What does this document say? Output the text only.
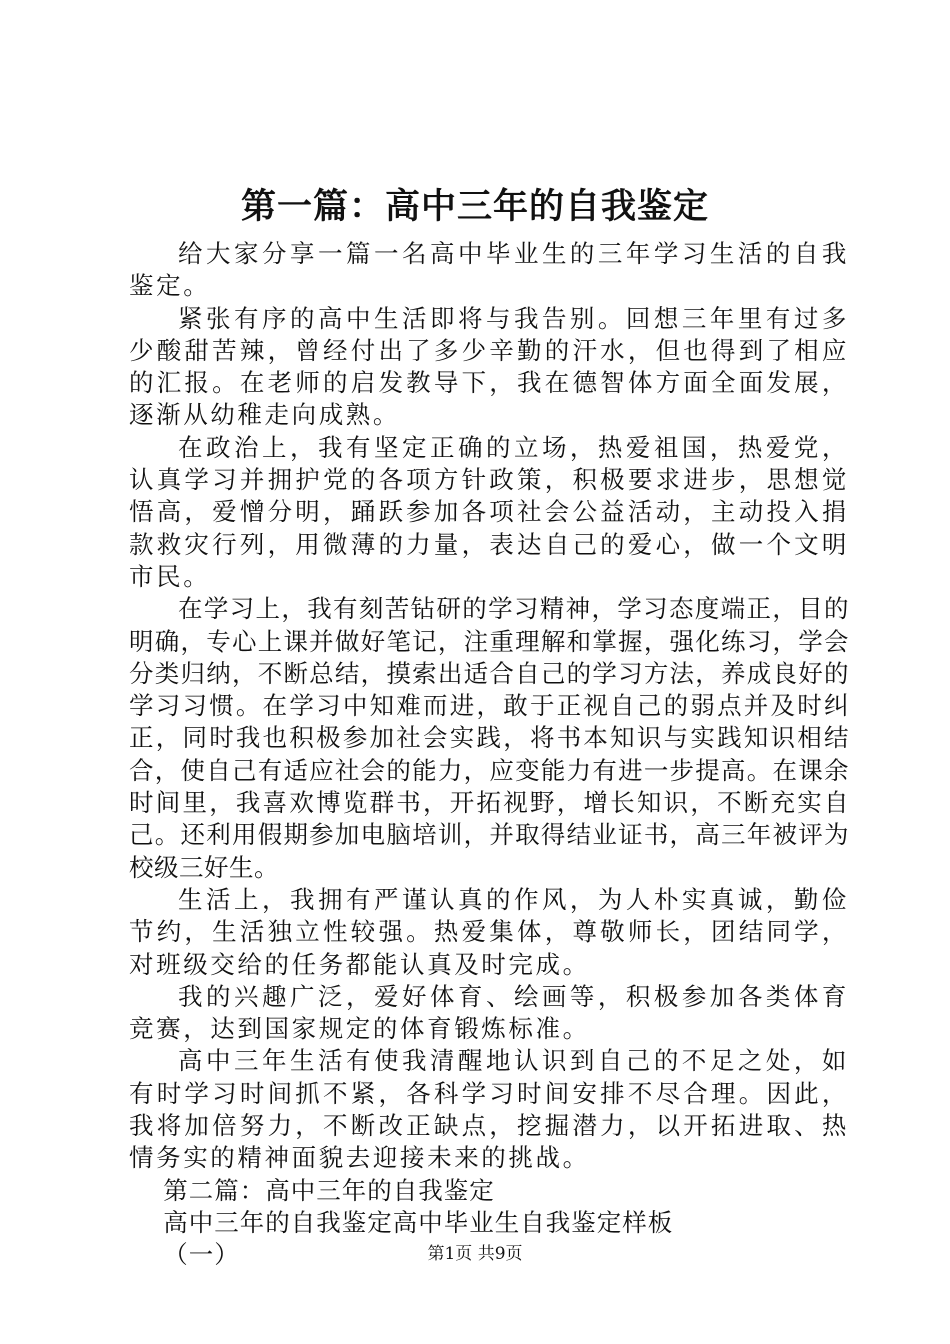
第一篇：高中三年的自我鉴定

给大家分享一篇一名高中毕业生的三年学习生活的自我鉴定。

紧张有序的高中生活即将与我告别。回想三年里有过多少酸甜苦辣，曾经付出了多少辛勤的汗水，但也得到了相应的汇报。在老师的启发教导下，我在德智体方面全面发展，逐渐从幼稚走向成熟。

在政治上，我有坚定正确的立场，热爱祖国，热爱党，认真学习并拥护党的各项方针政策，积极要求进步，思想觉悟高，爱憎分明，踊跃参加各项社会公益活动，主动投入捐款救灾行列，用微薄的力量，表达自己的爱心，做一个文明市民。

在学习上，我有刻苦钻研的学习精神，学习态度端正，目的明确，专心上课并做好笔记，注重理解和掌握，强化练习，学会分类归纳，不断总结，摸索出适合自己的学习方法，养成良好的学习习惯。在学习中知难而进，敢于正视自己的弱点并及时纠正，同时我也积极参加社会实践，将书本知识与实践知识相结合，使自己有适应社会的能力，应变能力有进一步提高。在课余时间里，我喜欢博览群书，开拓视野，增长知识，不断充实自己。还利用假期参加电脑培训，并取得结业证书，高三年被评为校级三好生。

生活上，我拥有严谨认真的作风，为人朴实真诚，勤俭节约，生活独立性较强。热爱集体，尊敬师长，团结同学，对班级交给的任务都能认真及时完成。

我的兴趣广泛，爱好体育、绘画等，积极参加各类体育竞赛，达到国家规定的体育锻炼标准。

高中三年生活有使我清醒地认识到自己的不足之处，如有时学习时间抓不紧，各科学习时间安排不尽合理。因此，我将加倍努力，不断改正缺点，挖掘潜力，以开拓进取、热情务实的精神面貌去迎接未来的挑战。

第二篇：高中三年的自我鉴定

高中三年的自我鉴定高中毕业生自我鉴定样板

（一）	第1页 共9页
